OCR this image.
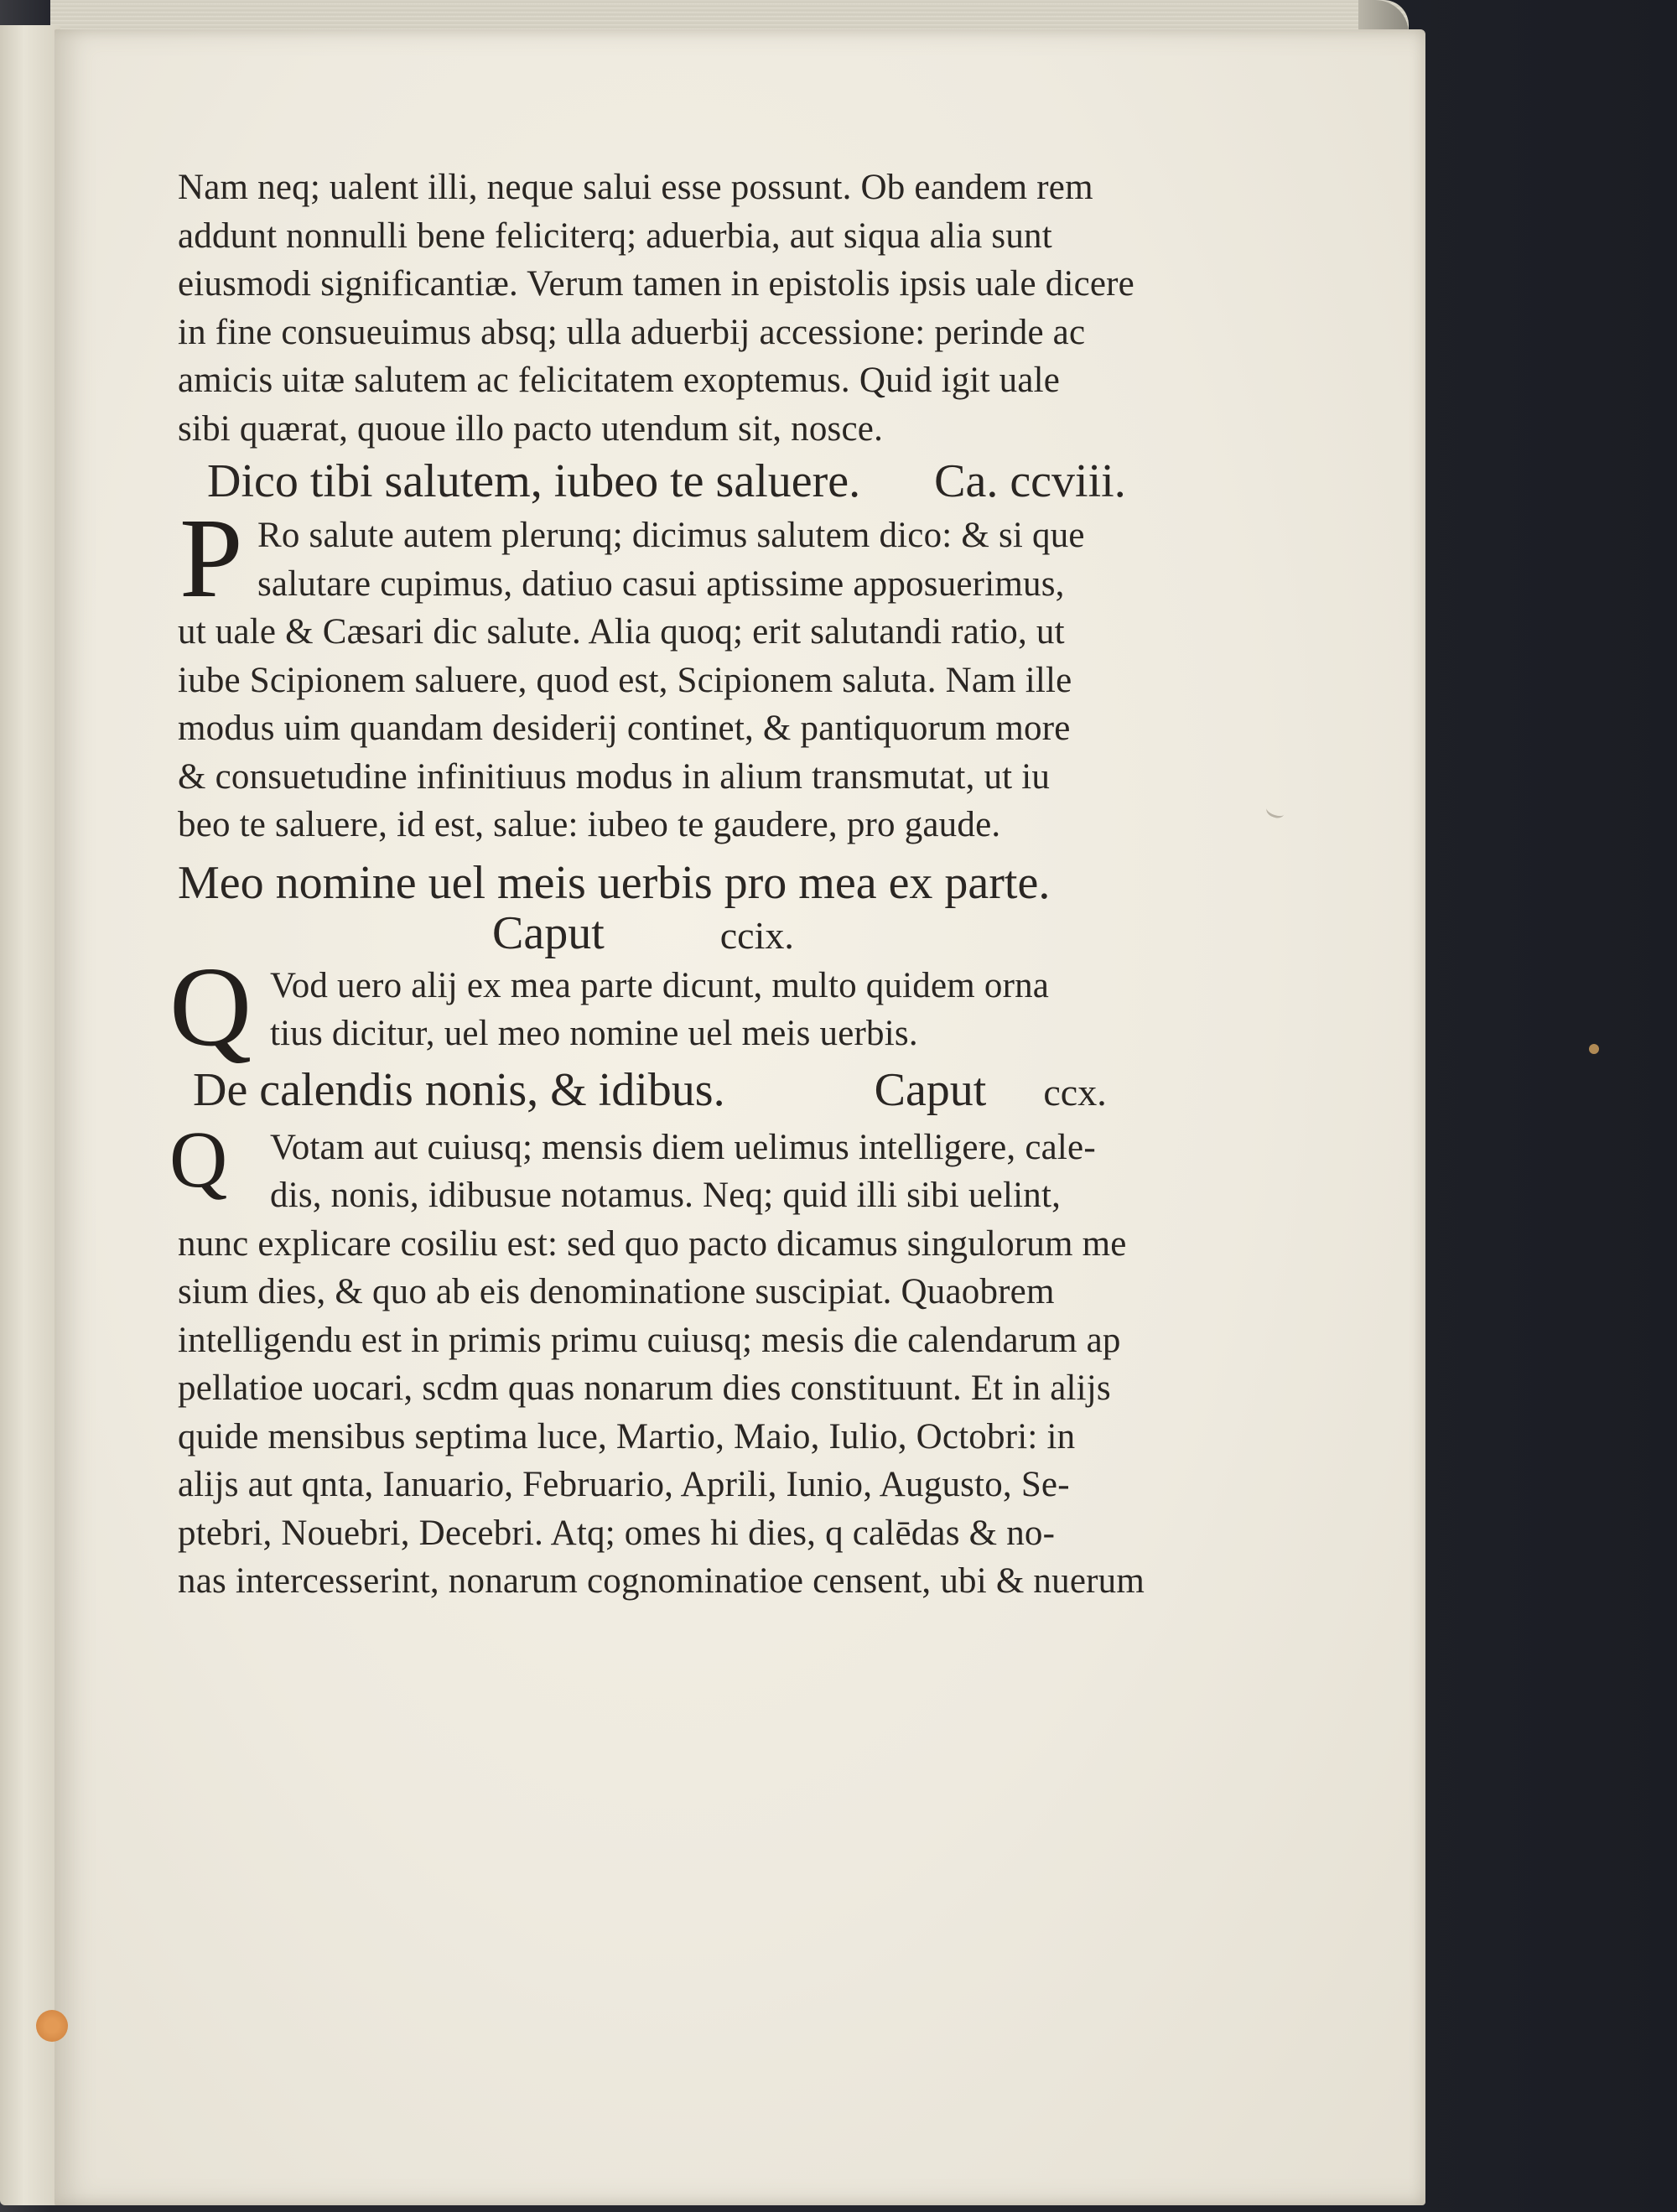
Nam neq; ualent illi, neque salui esse possunt. Ob eandem rem
addunt nonnulli bene feliciterq; aduerbia, aut siqua alia sunt
eiusmodi significantiæ. Verum tamen in epistolis ipsis uale dicere
in fine consueuimus absq; ulla aduerbij accessione: perinde ac
amicis uitæ salutem ac felicitatem exoptemus. Quid igit uale
sibi quærat, quoue illo pacto utendum sit, nosce.
Dico tibi salutem, iubeo te saluere. Ca. ccviii.
P Ro salute autem plerunq; dicimus salutem dico: & si que
salutare cupimus, datiuo casui aptissime apposuerimus,
ut uale & Cæsari dic salute. Alia quoq; erit salutandi ratio, ut
iube Scipionem saluere, quod est, Scipionem saluta. Nam ille
modus uim quandam desiderij continet, & pantiquorum more
& consuetudine infinitiuus modus in alium transmutat, ut iu
beo te saluere, id est, salue: iubeo te gaudere, pro gaude.
Meo nomine uel meis uerbis pro mea ex parte.
Caput	ccix.
Q Vod uero alij ex mea parte dicunt, multo quidem orna
tius dicitur, uel meo nomine uel meis uerbis.
De calendis nonis, & idibus.	Caput ccx.
Q	Votam aut cuiusq; mensis diem uelimus intelligere, cale-
dis, nonis, idibusue notamus. Neq; quid illi sibi uelint,
nunc explicare cosiliu est: sed quo pacto dicamus singulorum me
sium dies, & quo ab eis denominatione suscipiat. Quaobrem
intelligendu est in primis primu cuiusq; mesis die calendarum ap
pellatioe uocari, scdm quas nonarum dies constituunt. Et in alijs
quide mensibus septima luce, Martio, Maio, Iulio, Octobri: in
alijs aut qnta, Ianuario, Februario, Aprili, Iunio, Augusto, Se-
ptebri, Nouebri, Decebri. Atq; omes hi dies, q calēdas & no-
nas intercesserint, nonarum cognominatioe censent, ubi & nuerum
